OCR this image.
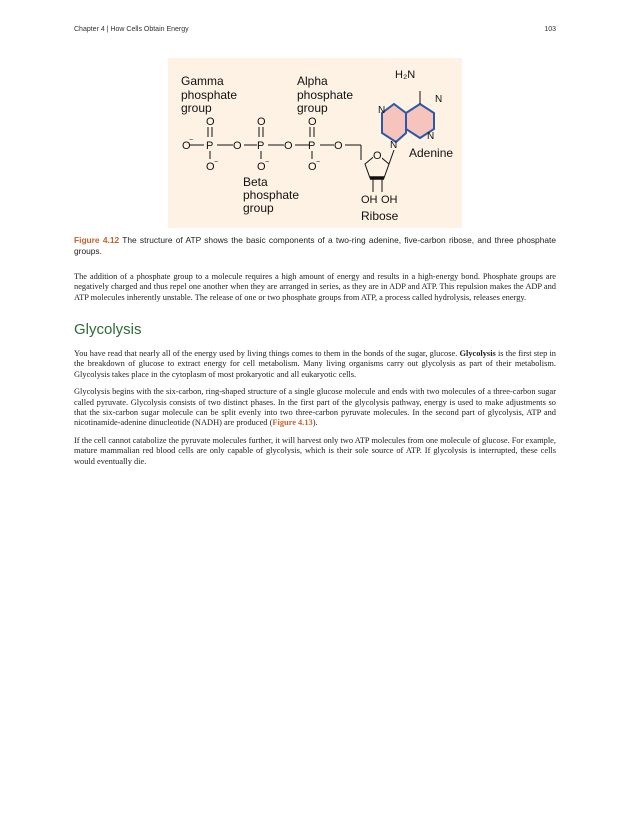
Chapter 4 | How Cells Obtain Energy	103
Gamma
phosphate
group
Alpha
phosphate
group
Beta
phosphate
group
O	O	O
O
− P O P O P O
O −	O −	O −
O
OH OH
Ribose
H₂N
N
N
N
N
Adenine
Figure 4.12 The structure of ATP shows the basic components of a two-ring adenine, five-carbon ribose, and three phosphate groups.

The addition of a phosphate group to a molecule requires a high amount of energy and results in a high-energy bond. Phosphate groups are negatively charged and thus repel one another when they are arranged in series, as they are in ADP and ATP. This repulsion makes the ADP and ATP molecules inherently unstable. The release of one or two phosphate groups from ATP, a process called hydrolysis, releases energy.

Glycolysis

You have read that nearly all of the energy used by living things comes to them in the bonds of the sugar, glucose. Glycolysis is the first step in the breakdown of glucose to extract energy for cell metabolism. Many living organisms carry out glycolysis as part of their metabolism. Glycolysis takes place in the cytoplasm of most prokaryotic and all eukaryotic cells.

Glycolysis begins with the six-carbon, ring-shaped structure of a single glucose molecule and ends with two molecules of a three-carbon sugar called pyruvate. Glycolysis consists of two distinct phases. In the first part of the glycolysis pathway, energy is used to make adjustments so that the six-carbon sugar molecule can be split evenly into two three-carbon pyruvate molecules. In the second part of glycolysis, ATP and nicotinamide-adenine dinucleotide (NADH) are produced (Figure 4.13).

If the cell cannot catabolize the pyruvate molecules further, it will harvest only two ATP molecules from one molecule of glucose. For example, mature mammalian red blood cells are only capable of glycolysis, which is their sole source of ATP. If glycolysis is interrupted, these cells would eventually die.
